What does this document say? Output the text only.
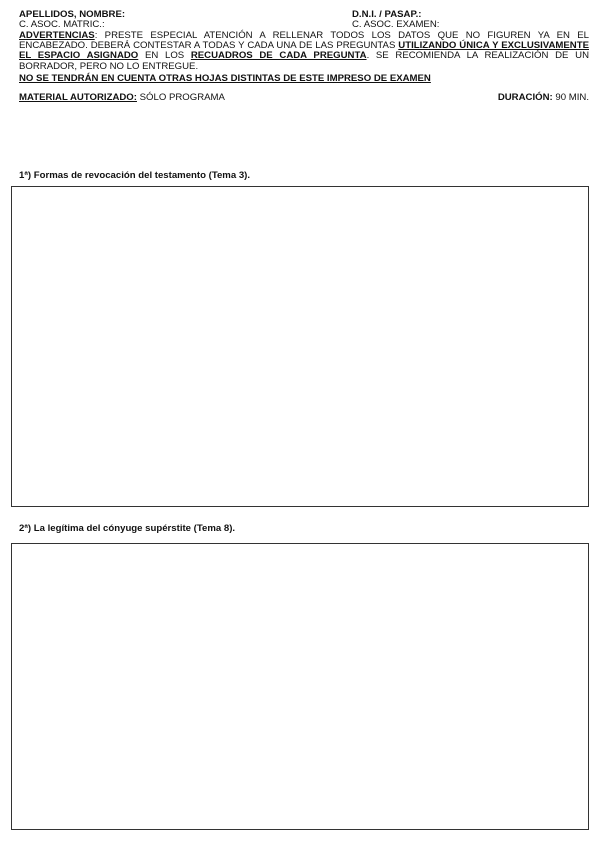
APELLIDOS, NOMBRE:	D.N.I. / PASAP.:
C. ASOC. MATRIC.:	C. ASOC. EXAMEN:
ADVERTENCIAS: PRESTE ESPECIAL ATENCIÓN A RELLENAR TODOS LOS DATOS QUE NO FIGUREN YA EN EL ENCABEZADO. DEBERÁ CONTESTAR A TODAS Y CADA UNA DE LAS PREGUNTAS UTILIZANDO ÚNICA Y EXCLUSIVAMENTE EL ESPACIO ASIGNADO EN LOS RECUADROS DE CADA PREGUNTA. SE RECOMIENDA LA REALIZACIÓN DE UN BORRADOR, PERO NO LO ENTREGUE.
NO SE TENDRÁN EN CUENTA OTRAS HOJAS DISTINTAS DE ESTE IMPRESO DE EXAMEN
MATERIAL AUTORIZADO: SÓLO PROGRAMA	DURACIÓN: 90 MIN.
1ª) Formas de revocación del testamento (Tema 3).
2ª) La legítima del cónyuge supérstite (Tema 8).
